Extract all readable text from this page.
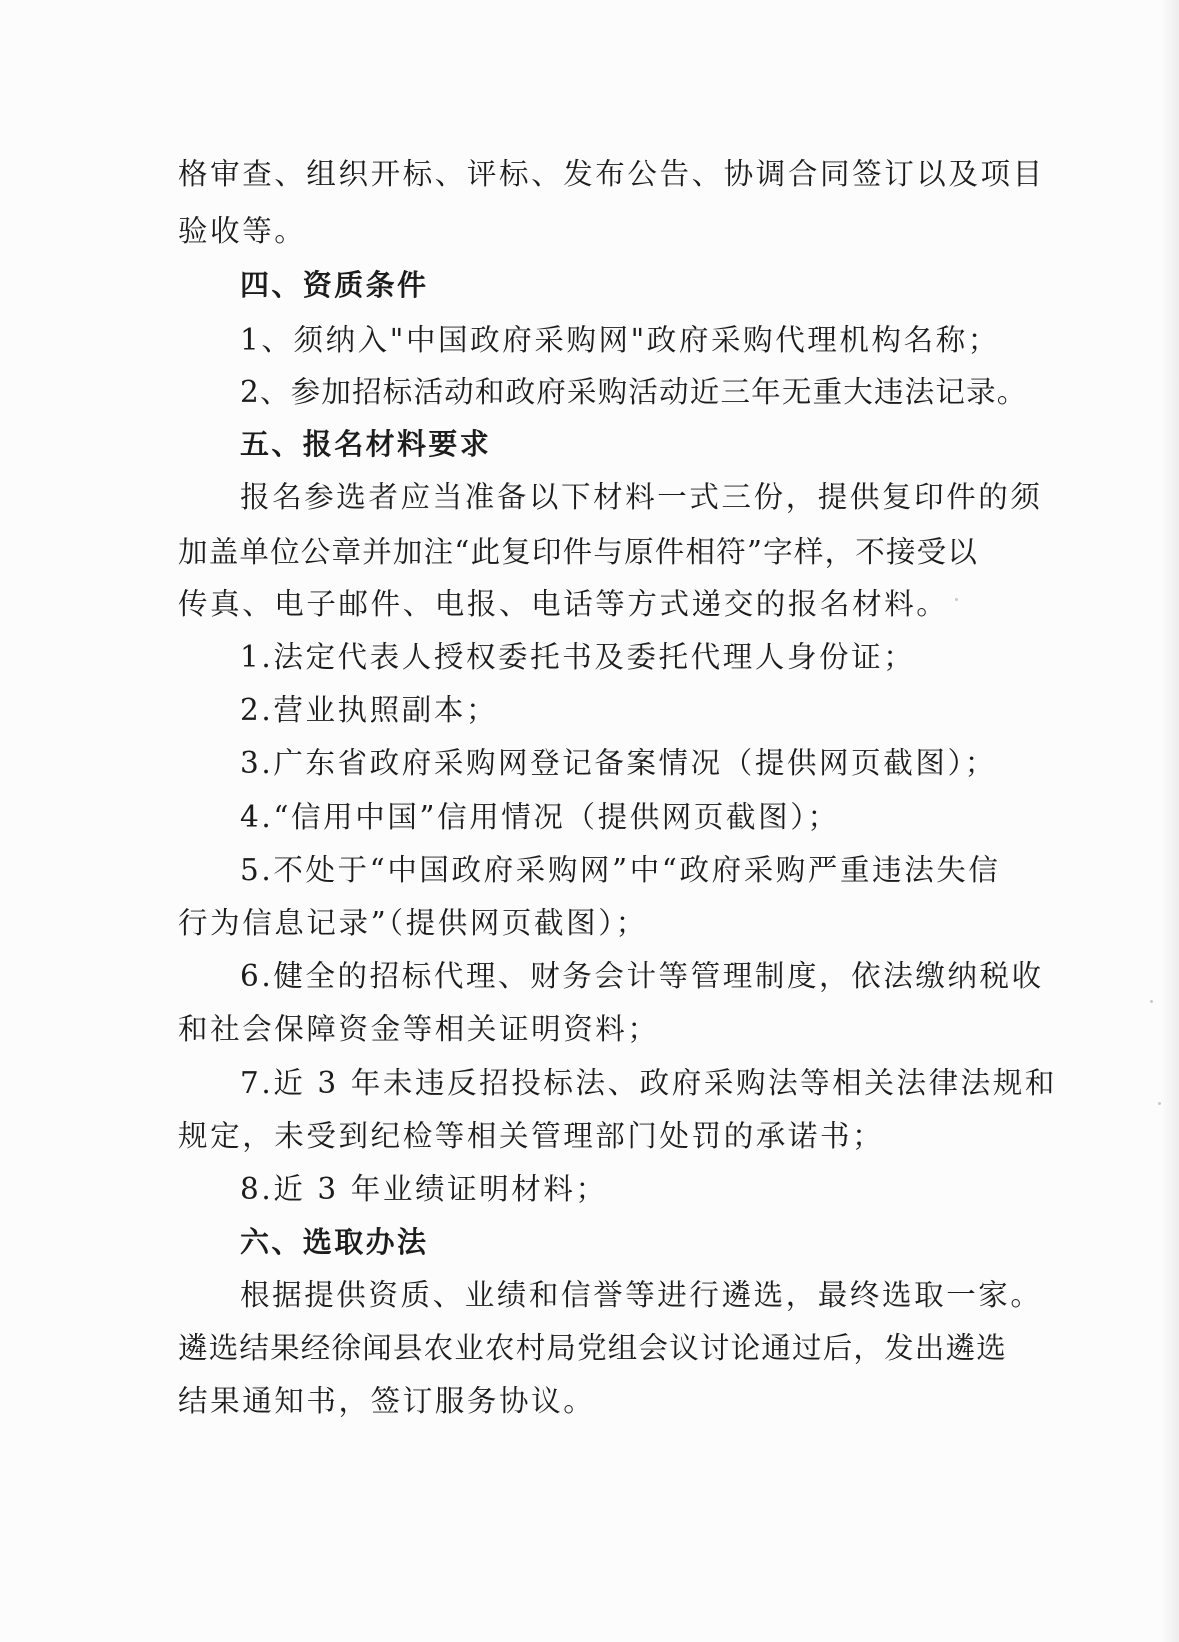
格审查、组织开标、评标、发布公告、协调合同签订以及项目
验收等。
四、资质条件
1、须纳入"中国政府采购网"政府采购代理机构名称；
2、参加招标活动和政府采购活动近三年无重大违法记录。
五、报名材料要求
报名参选者应当准备以下材料一式三份，提供复印件的须
加盖单位公章并加注“此复印件与原件相符”字样，不接受以
传真、电子邮件、电报、电话等方式递交的报名材料。
1.法定代表人授权委托书及委托代理人身份证；
2.营业执照副本；
3.广东省政府采购网登记备案情况（提供网页截图）；
4.“信用中国”信用情况（提供网页截图）；
5.不处于“中国政府采购网”中“政府采购严重违法失信
行为信息记录”（提供网页截图）；
6.健全的招标代理、财务会计等管理制度，依法缴纳税收
和社会保障资金等相关证明资料；
7.近 3 年未违反招投标法、政府采购法等相关法律法规和
规定，未受到纪检等相关管理部门处罚的承诺书；
8.近 3 年业绩证明材料；
六、选取办法
根据提供资质、业绩和信誉等进行遴选，最终选取一家。
遴选结果经徐闻县农业农村局党组会议讨论通过后，发出遴选
结果通知书，签订服务协议。
